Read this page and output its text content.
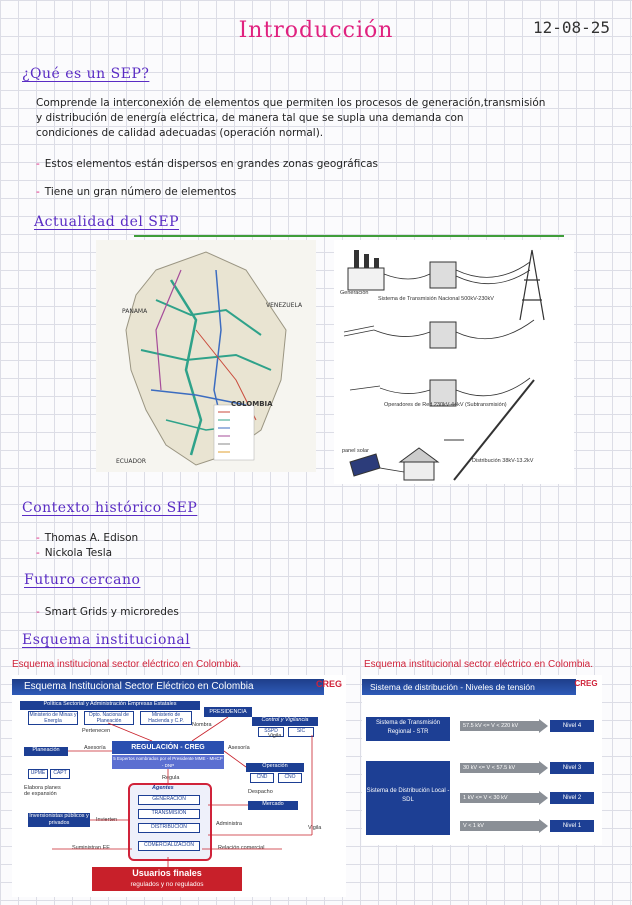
Introducción	12-08-25
¿Qué es un SEP?
Comprende la interconexión de elementos que permiten los procesos de generación,transmisión
y distribución de energía eléctrica, de manera tal que se supla una demanda con
condiciones de calidad adecuadas (operación normal).
- Estos elementos están dispersos en grandes zonas geográficas
- Tiene un gran número de elementos
Actualidad del SEP
PANAMA
VENEZUELA
COLOMBIA
ECUADOR
Generación
Sistema de Transmisión Nacional 500kV-230kV
Operadores de Red 230kV-44kV (Subtransmisión)
panel solar
Distribución 38kV-13.2kV
Contexto histórico SEP
- Thomas A. Edison
- Nickola Tesla
Futuro cercano
- Smart Grids y microredes
Esquema institucional
Esquema institucional sector eléctrico en Colombia.
Esquema Institucional Sector Eléctrico en Colombia	CREG
Política Sectorial y Administración Empresas Estatales
Ministerio de Minas y Energía
Dpto. Nacional de Planeación
Ministerio de Hacienda y C.P.
PRESIDENCIA
Control y Vigilancia
SSPD	SIC
Pertenecen
Nombra
REGULACIÓN - CREG
5 Expertos nombrados por el Presidente MME - MHCP - DNP
Asesoría	Asesoría
Vigila
Planeación
UPME	CAPT
Elabora planes de expansión
Operación
CND	CNO
Regula
Despacho
Agentes
GENERACIÓN
TRANSMISIÓN
DISTRIBUCIÓN
COMERCIALIZACIÓN
Mercado
Administra
Vigila
Inversionistas públicos y privados	Invierten
Suministran EE	Relación comercial
Usuarios finales
regulados y no regulados
Esquema institucional sector eléctrico en Colombia.
Sistema de distribución - Niveles de tensión	CREG
Sistema de Transmisión Regional - STR
Sistema de Distribución Local - SDL
57.5 kV <= V < 220 kV
30 kV <= V < 57.5 kV
1 kV <= V < 30 kV
V < 1 kV
Nivel 4
Nivel 3
Nivel 2
Nivel 1
